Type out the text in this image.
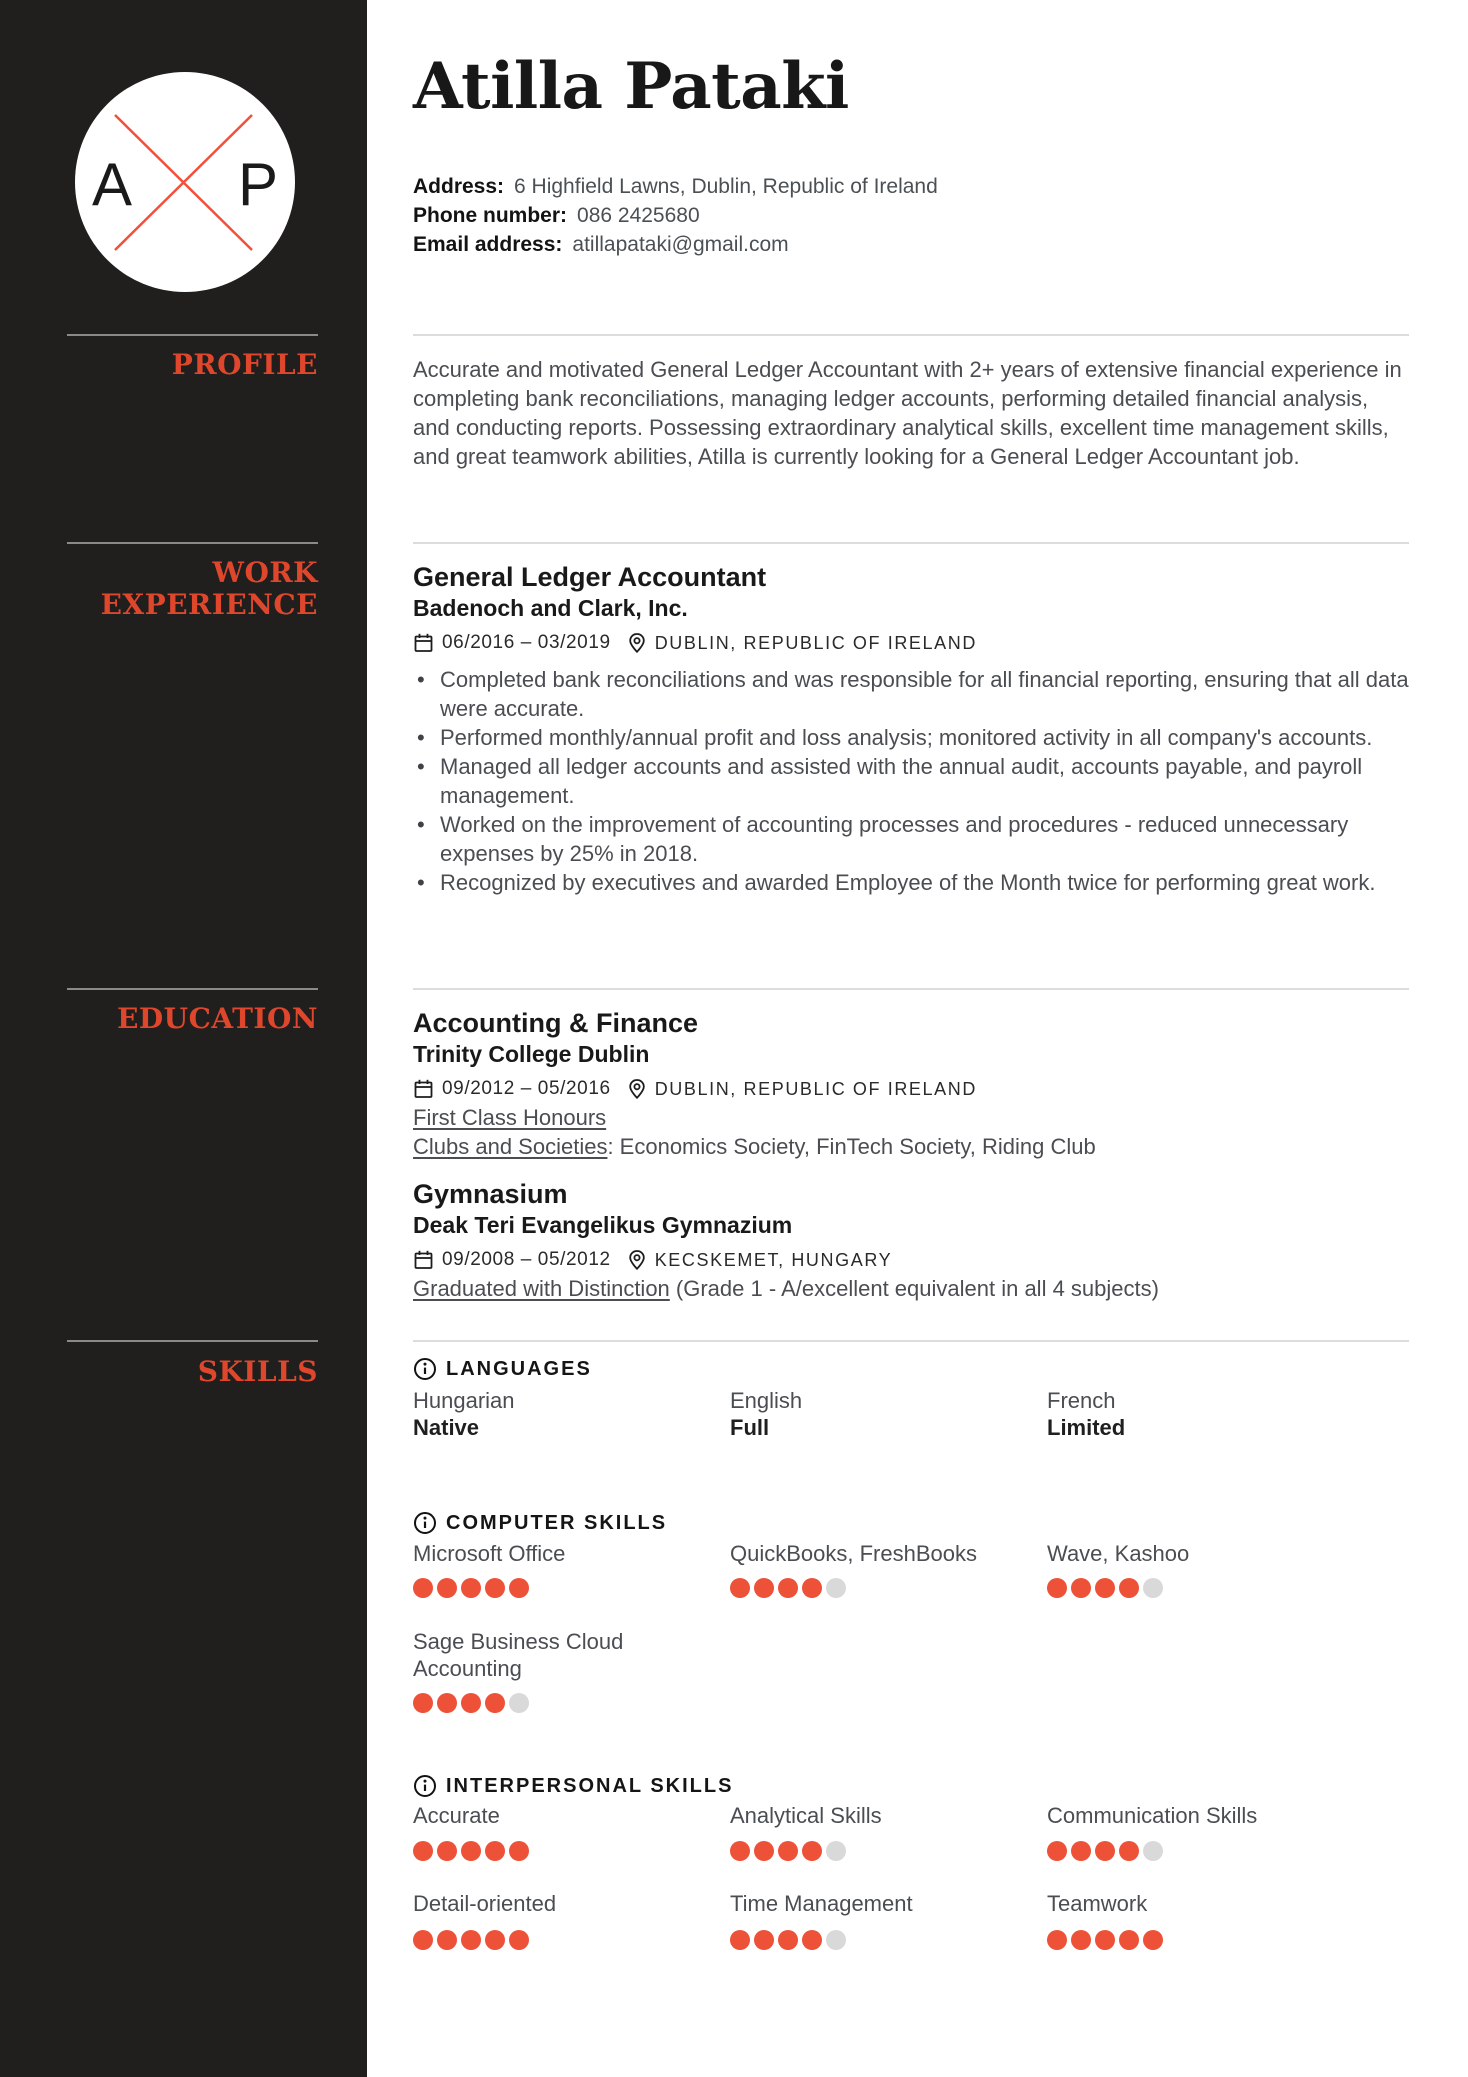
A P
PROFILE
WORK EXPERIENCE
EDUCATION
SKILLS
Atilla Pataki
Address: 6 Highfield Lawns, Dublin, Republic of Ireland
Phone number: 086 2425680
Email address: atillapataki@gmail.com

Accurate and motivated General Ledger Accountant with 2+ years of extensive financial experience in completing bank reconciliations, managing ledger accounts, performing detailed financial analysis, and conducting reports. Possessing extraordinary analytical skills, excellent time management skills, and great teamwork abilities, Atilla is currently looking for a General Ledger Accountant job.

General Ledger Accountant
Badenoch and Clark, Inc.
06/2016 – 03/2019 DUBLIN, REPUBLIC OF IRELAND
• Completed bank reconciliations and was responsible for all financial reporting, ensuring that all data were accurate.
• Performed monthly/annual profit and loss analysis; monitored activity in all company's accounts.
• Managed all ledger accounts and assisted with the annual audit, accounts payable, and payroll management.
• Worked on the improvement of accounting processes and procedures - reduced unnecessary expenses by 25% in 2018.
• Recognized by executives and awarded Employee of the Month twice for performing great work.
Accounting & Finance
Trinity College Dublin
09/2012 – 05/2016 DUBLIN, REPUBLIC OF IRELAND
First Class Honours
Clubs and Societies: Economics Society, FinTech Society, Riding Club
Gymnasium
Deak Teri Evangelikus Gymnazium
09/2008 – 05/2012 KECSKEMET, HUNGARY
Graduated with Distinction (Grade 1 - A/excellent equivalent in all 4 subjects)
LANGUAGES
Hungarian
Native
English
Full
French
Limited
COMPUTER SKILLS
Microsoft Office	QuickBooks, FreshBooks	Wave, Kashoo
Sage Business Cloud Accounting
INTERPERSONAL SKILLS
Accurate	Analytical Skills	Communication Skills
Detail-oriented	Time Management	Teamwork
